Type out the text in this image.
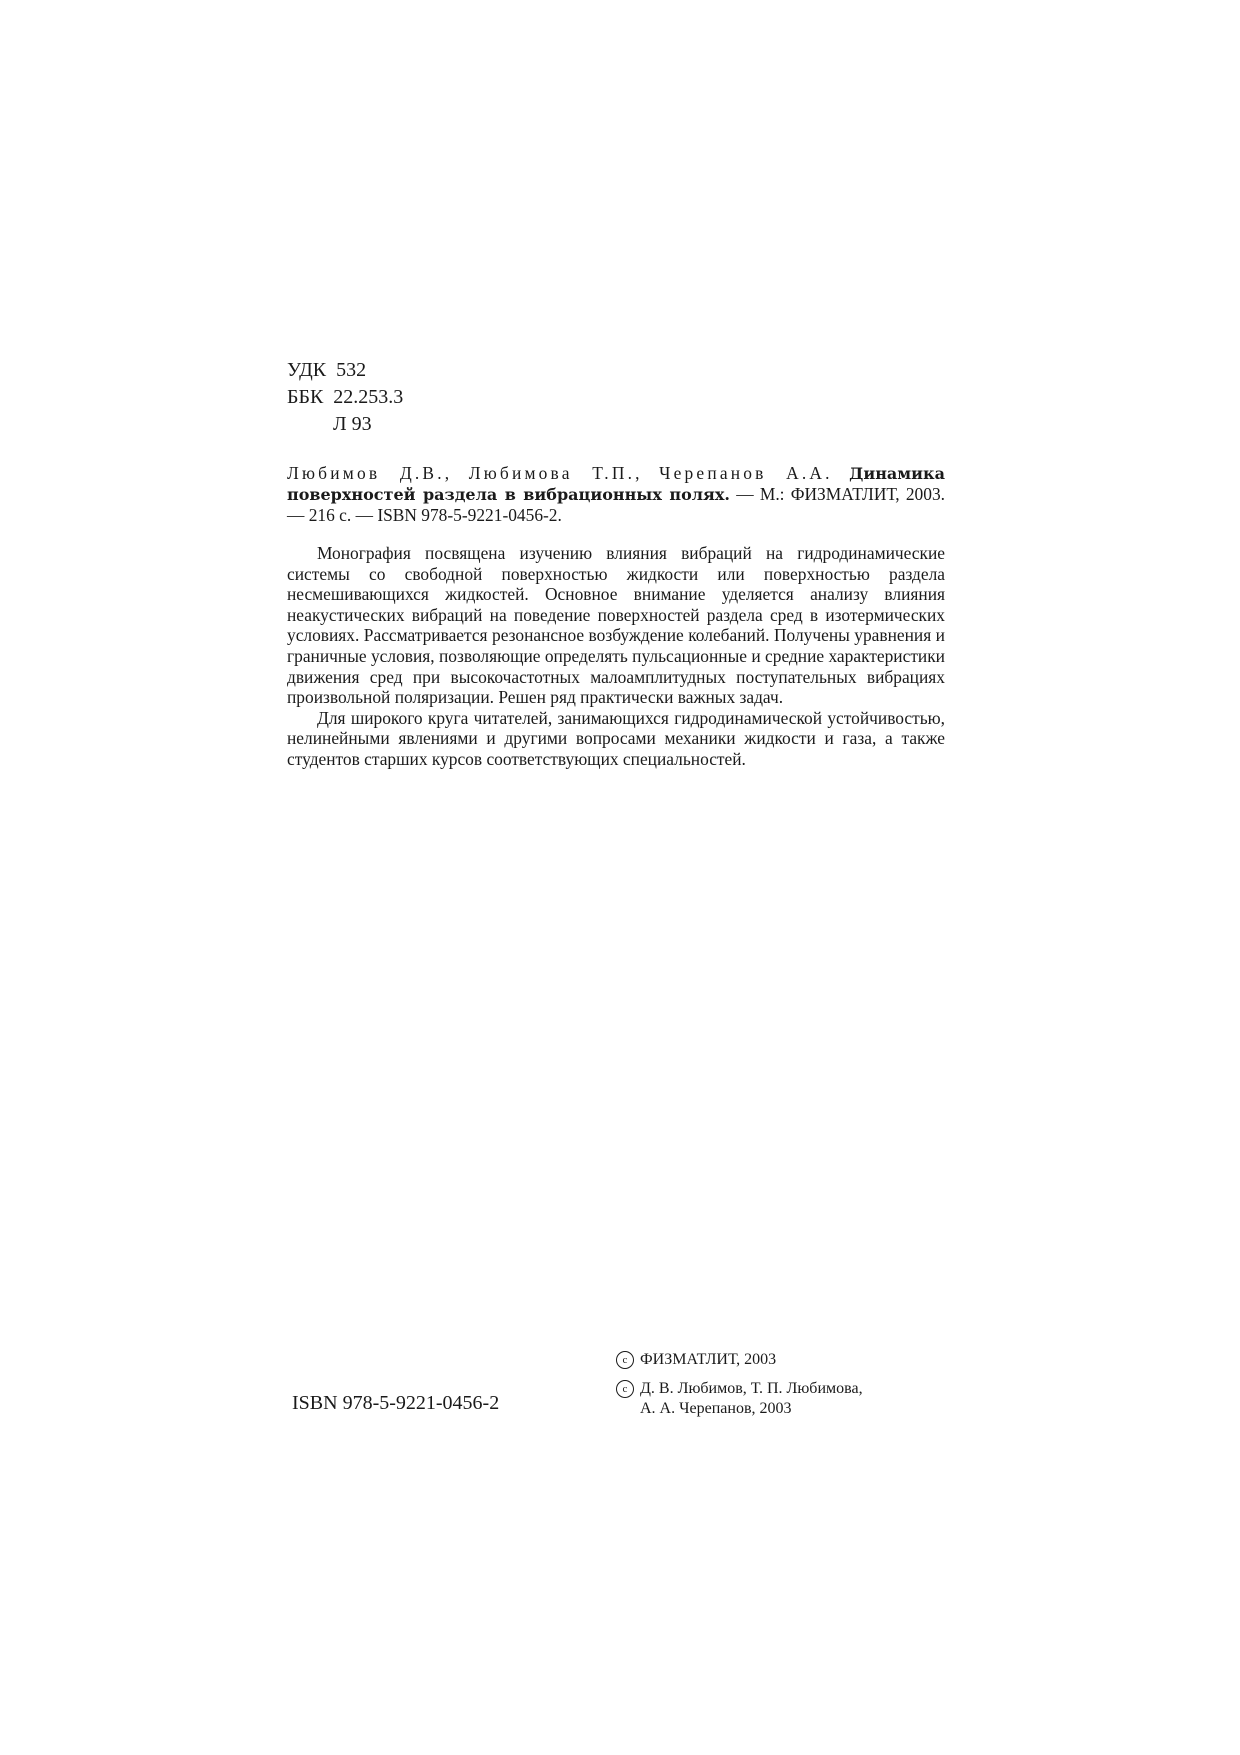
УДК  532
ББК  22.253.3
Л 93
Любимов Д.В., Любимова Т.П., Черепанов А.А. Динамика поверхностей раздела в вибрационных полях. — М.: ФИЗМАТЛИТ, 2003. — 216 с. — ISBN 978-5-9221-0456-2.

Монография посвящена изучению влияния вибраций на гидродинамические системы со свободной поверхностью жидкости или поверхностью раздела несмешивающихся жидкостей. Основное внимание уделяется анализу влияния неакустических вибраций на поведение поверхностей раздела сред в изотермических условиях. Рассматривается резонансное возбуждение колебаний. Получены уравнения и граничные условия, позволяющие определять пульсационные и средние характеристики движения сред при высокочастотных малоамплитудных поступательных вибрациях произвольной поляризации. Решен ряд практически важных задач.

Для широкого круга читателей, занимающихся гидродинамической устойчивостью, нелинейными явлениями и другими вопросами механики жидкости и газа, а также студентов старших курсов соответствующих специальностей.

ISBN 978-5-9221-0456-2
c ФИЗМАТЛИТ, 2003
c Д. В. Любимов, Т. П. Любимова,
А. А. Черепанов, 2003
